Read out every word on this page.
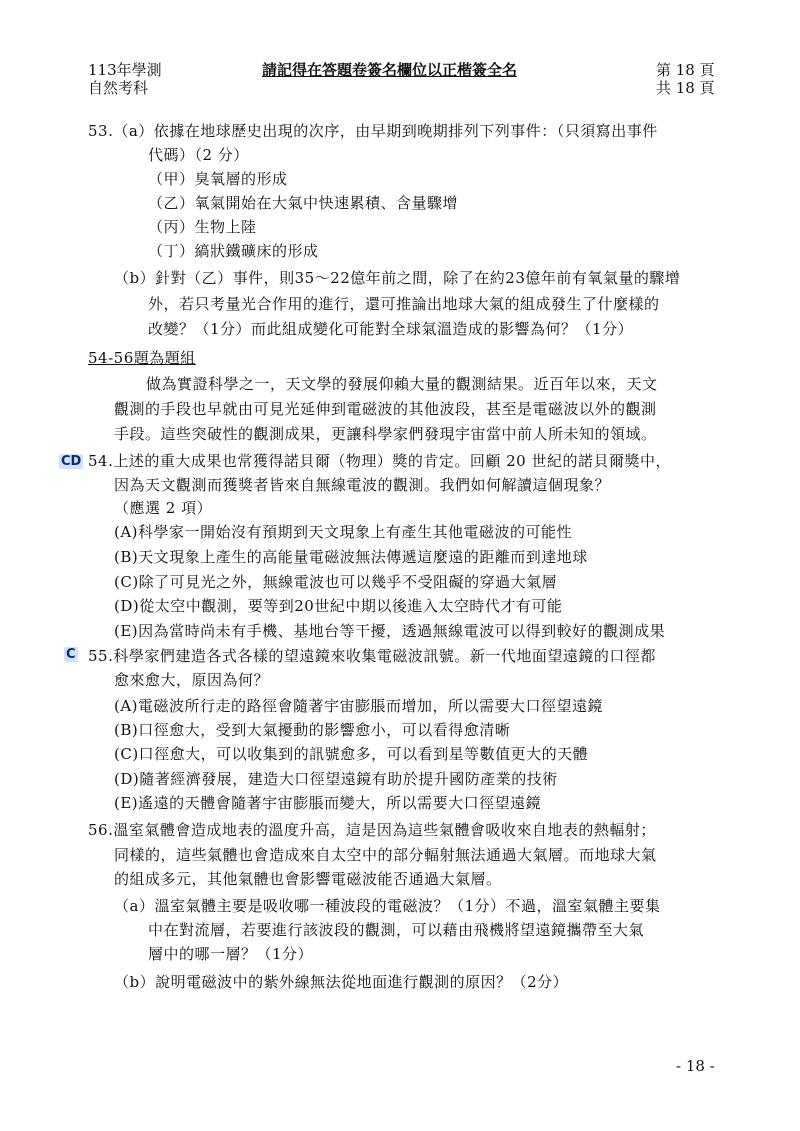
113年學測
自然考科
請記得在答題卷簽名欄位以正楷簽全名	第 18 頁
共 18 頁
53.（a）依據在地球歷史出現的次序，由早期到晚期排列下列事件：（只須寫出事件
代碼）（2 分）
（甲）臭氧層的形成
（乙）氧氣開始在大氣中快速累積、含量驟增
（丙）生物上陸
（丁）縞狀鐵礦床的形成
（b）針對（乙）事件，則35～22億年前之間，除了在約23億年前有氧氣量的驟增
外，若只考量光合作用的進行，還可推論出地球大氣的組成發生了什麼樣的
改變？（1分）而此組成變化可能對全球氣溫造成的影響為何？（1分）
54-56題為題組
做為實證科學之一，天文學的發展仰賴大量的觀測結果。近百年以來，天文
觀測的手段也早就由可見光延伸到電磁波的其他波段，甚至是電磁波以外的觀測
手段。這些突破性的觀測成果，更讓科學家們發現宇宙當中前人所未知的領域。
CD 54.上述的重大成果也常獲得諾貝爾（物理）獎的肯定。回顧 20 世紀的諾貝爾獎中，
因為天文觀測而獲獎者皆來自無線電波的觀測。我們如何解讀這個現象？
（應選 2 項）
(A)科學家一開始沒有預期到天文現象上有產生其他電磁波的可能性
(B)天文現象上產生的高能量電磁波無法傳遞這麼遠的距離而到達地球
(C)除了可見光之外，無線電波也可以幾乎不受阻礙的穿過大氣層
(D)從太空中觀測，要等到20世紀中期以後進入太空時代才有可能
(E)因為當時尚未有手機、基地台等干擾，透過無線電波可以得到較好的觀測成果
C 55.科學家們建造各式各樣的望遠鏡來收集電磁波訊號。新一代地面望遠鏡的口徑都
愈來愈大，原因為何？
(A)電磁波所行走的路徑會隨著宇宙膨脹而增加，所以需要大口徑望遠鏡
(B)口徑愈大，受到大氣擾動的影響愈小，可以看得愈清晰
(C)口徑愈大，可以收集到的訊號愈多，可以看到星等數值更大的天體
(D)隨著經濟發展，建造大口徑望遠鏡有助於提升國防產業的技術
(E)遙遠的天體會隨著宇宙膨脹而變大，所以需要大口徑望遠鏡
56.溫室氣體會造成地表的溫度升高，這是因為這些氣體會吸收來自地表的熱輻射；
同樣的，這些氣體也會造成來自太空中的部分輻射無法通過大氣層。而地球大氣
的組成多元，其他氣體也會影響電磁波能否通過大氣層。
（a）溫室氣體主要是吸收哪一種波段的電磁波？（1分）不過，溫室氣體主要集
中在對流層，若要進行該波段的觀測，可以藉由飛機將望遠鏡攜帶至大氣
層中的哪一層？（1分）
（b）說明電磁波中的紫外線無法從地面進行觀測的原因？（2分）
- 18 -
